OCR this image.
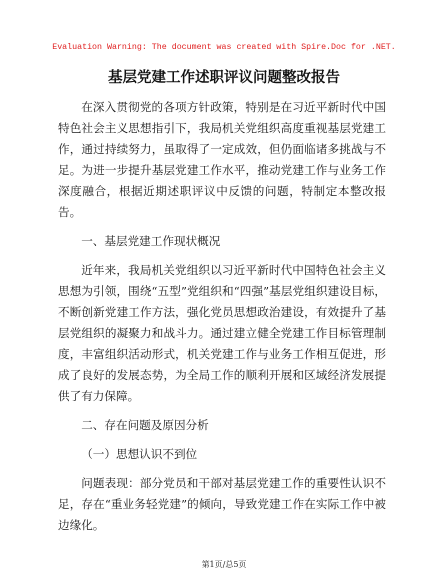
Evaluation Warning: The document was created with Spire.Doc for .NET.
基层党建工作述职评议问题整改报告

在深入贯彻党的各项方针政策，特别是在习近平新时代中国特色社会主义思想指引下，我局机关党组织高度重视基层党建工作，通过持续努力，虽取得了一定成效，但仍面临诸多挑战与不足。为进一步提升基层党建工作水平，推动党建工作与业务工作深度融合，根据近期述职评议中反馈的问题，特制定本整改报告。

一、基层党建工作现状概况

近年来，我局机关党组织以习近平新时代中国特色社会主义思想为引领，围绕“五型”党组织和“四强”基层党组织建设目标，不断创新党建工作方法，强化党员思想政治建设，有效提升了基层党组织的凝聚力和战斗力。通过建立健全党建工作目标管理制度，丰富组织活动形式，机关党建工作与业务工作相互促进，形成了良好的发展态势，为全局工作的顺利开展和区域经济发展提供了有力保障。

二、存在问题及原因分析

（一）思想认识不到位

问题表现：部分党员和干部对基层党建工作的重要性认识不足，存在“重业务轻党建”的倾向，导致党建工作在实际工作中被边缘化。

第1页/总5页
